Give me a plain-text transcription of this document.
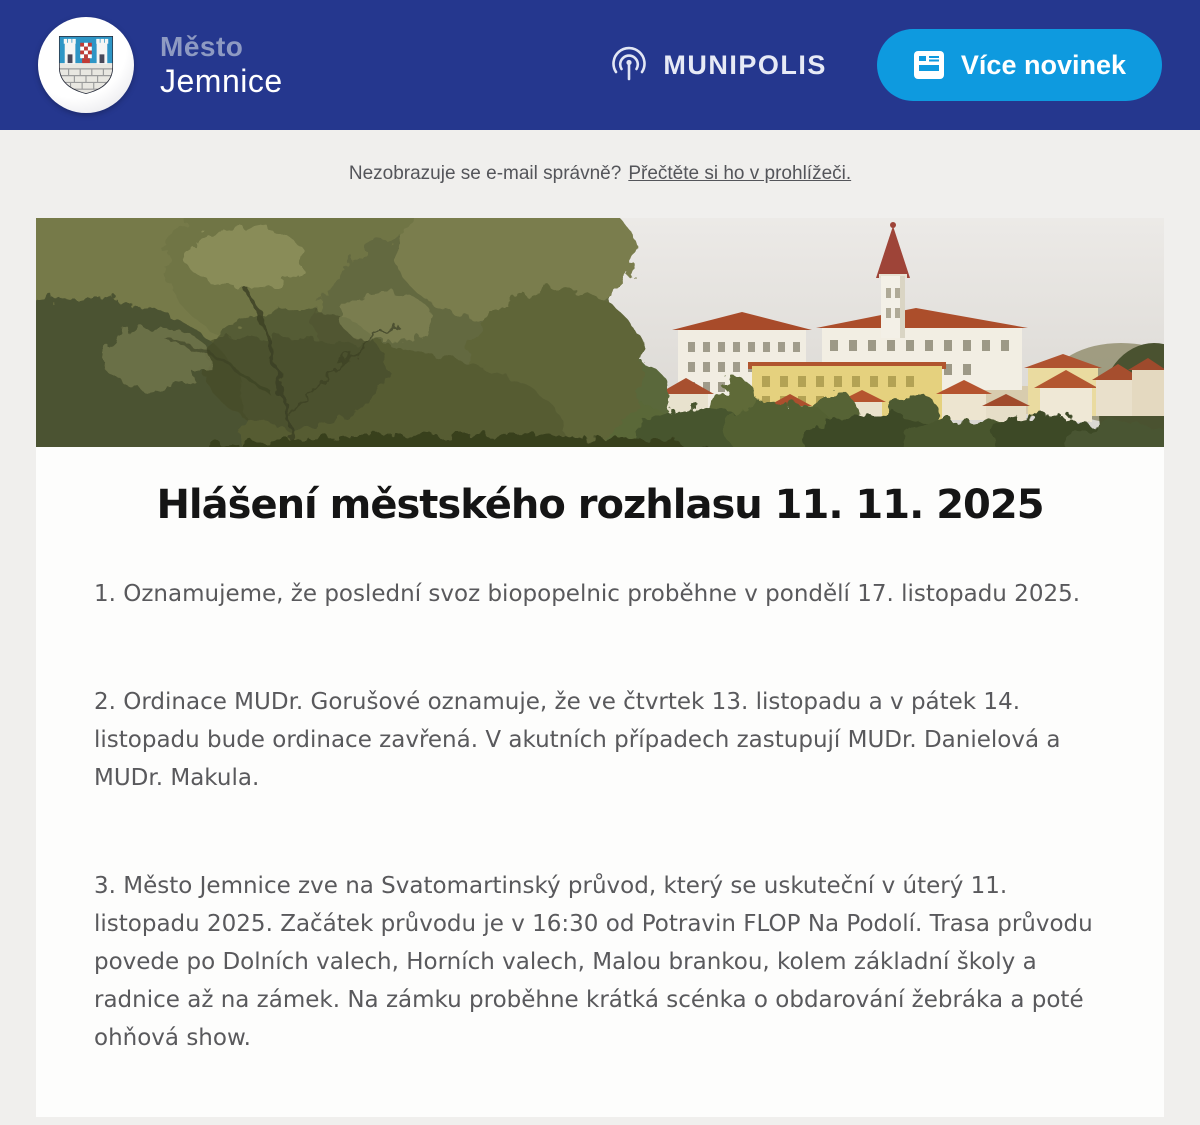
Město
Jemnice	MUNIPOLIS	Více novinek
Nezobrazuje se e-mail správně? Přečtěte si ho v prohlížeči.
Hlášení městského rozhlasu 11. 11. 2025

1. Oznamujeme, že poslední svoz biopopelnic proběhne v pondělí 17. listopadu 2025.

2. Ordinace MUDr. Gorušové oznamuje, že ve čtvrtek 13. listopadu a v pátek 14. listopadu bude ordinace zavřená. V akutních případech zastupují MUDr. Danielová a MUDr. Makula.

3. Město Jemnice zve na Svatomartinský průvod, který se uskuteční v úterý 11. listopadu 2025. Začátek průvodu je v 16:30 od Potravin FLOP Na Podolí. Trasa průvodu povede po Dolních valech, Horních valech, Malou brankou, kolem základní školy a radnice až na zámek. Na zámku proběhne krátká scénka o obdarování žebráka a poté ohňová show.
